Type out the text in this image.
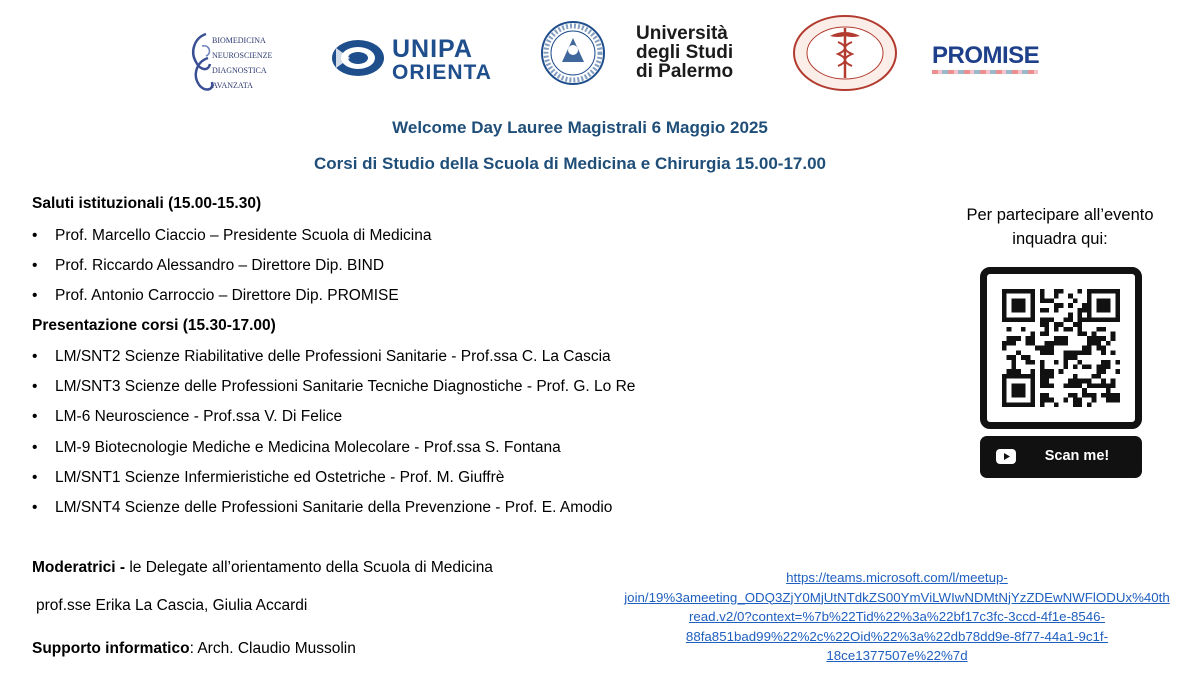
BIOMEDICINA
NEUROSCIENZE
DIAGNOSTICA
AVANZATA
UNIPA
ORIENTA
Università
degli Studi
di Palermo
PROMISE
Welcome Day Lauree Magistrali 6 Maggio 2025
Corsi di Studio della Scuola di Medicina e Chirurgia 15.00-17.00
Saluti istituzionali (15.00-15.30)
• Prof. Marcello Ciaccio – Presidente Scuola di Medicina
• Prof. Riccardo Alessandro – Direttore Dip. BIND
• Prof. Antonio Carroccio – Direttore Dip. PROMISE
Presentazione corsi (15.30-17.00)
• LM/SNT2 Scienze Riabilitative delle Professioni Sanitarie - Prof.ssa C. La Cascia
• LM/SNT3 Scienze delle Professioni Sanitarie Tecniche Diagnostiche - Prof. G. Lo Re
• LM-6 Neuroscience - Prof.ssa V. Di Felice
• LM-9 Biotecnologie Mediche e Medicina Molecolare - Prof.ssa S. Fontana
• LM/SNT1 Scienze Infermieristiche ed Ostetriche - Prof. M. Giuffrè
• LM/SNT4 Scienze delle Professioni Sanitarie della Prevenzione - Prof. E. Amodio
Moderatrici - le Delegate all’orientamento della Scuola di Medicina
prof.sse Erika La Cascia, Giulia Accardi
Supporto informatico: Arch. Claudio Mussolin
https://teams.microsoft.com/l/meetup-
join/19%3ameeting_ODQ3ZjY0MjUtNTdkZS00YmViLWIwNDMtNjYzZDEwNWFlODUx%40th
read.v2/0?context=%7b%22Tid%22%3a%22bf17c3fc-3ccd-4f1e-8546-
88fa851bad99%22%2c%22Oid%22%3a%22db78dd9e-8f77-44a1-9c1f-
18ce1377507e%22%7d
Per partecipare all’evento
inquadra qui:
Scan me!
